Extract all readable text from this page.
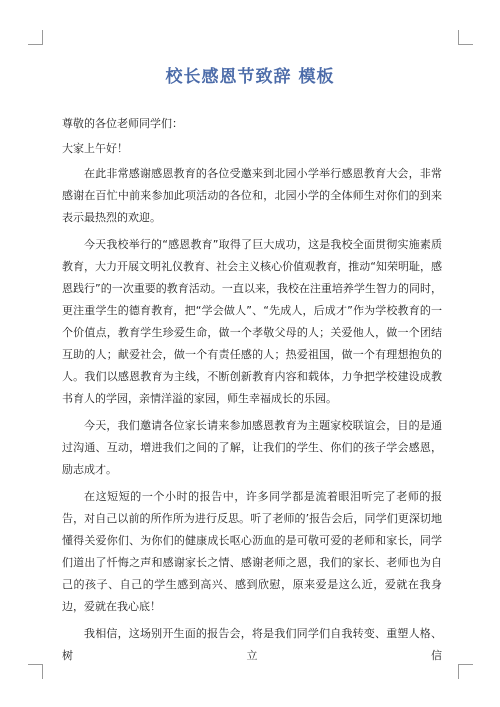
校长感恩节致辞 模板

尊敬的各位老师同学们：

大家上午好！

在此非常感谢感恩教育的各位受邀来到北园小学举行感恩教育大会，非常感谢在百忙中前来参加此项活动的各位和，北园小学的全体师生对你们的到来表示最热烈的欢迎。

今天我校举行的“感恩教育”取得了巨大成功，这是我校全面贯彻实施素质教育，大力开展文明礼仪教育、社会主义核心价值观教育，推动“知荣明耻，感恩践行”的一次重要的教育活动。一直以来，我校在注重培养学生智力的同时，更注重学生的德育教育，把“学会做人”、“先成人，后成才”作为学校教育的一个价值点，教育学生珍爱生命，做一个孝敬父母的人；关爱他人，做一个团结互助的人；献爱社会，做一个有责任感的人；热爱祖国，做一个有理想抱负的人。我们以感恩教育为主线，不断创新教育内容和载体，力争把学校建设成教书育人的学园，亲情洋溢的家园，师生幸福成长的乐园。

今天，我们邀请各位家长请来参加感恩教育为主题家校联谊会，目的是通过沟通、互动，增进我们之间的了解，让我们的学生、你们的孩子学会感恩，励志成才。

在这短短的一个小时的报告中，许多同学都是流着眼泪听完了老师的报告，对自己以前的所作所为进行反思。听了老师的’报告会后，同学们更深切地懂得关爱你们、为你们的健康成长呕心沥血的是可敬可爱的老师和家长，同学们道出了忏悔之声和感谢家长之情、感谢老师之恩，我们的家长、老师也为自己的孩子、自己的学生感到高兴、感到欣慰，原来爱是这么近，爱就在我身边，爱就在我心底！

我相信，这场别开生面的报告会，将是我们同学们自我转变、重塑人格、树立信
